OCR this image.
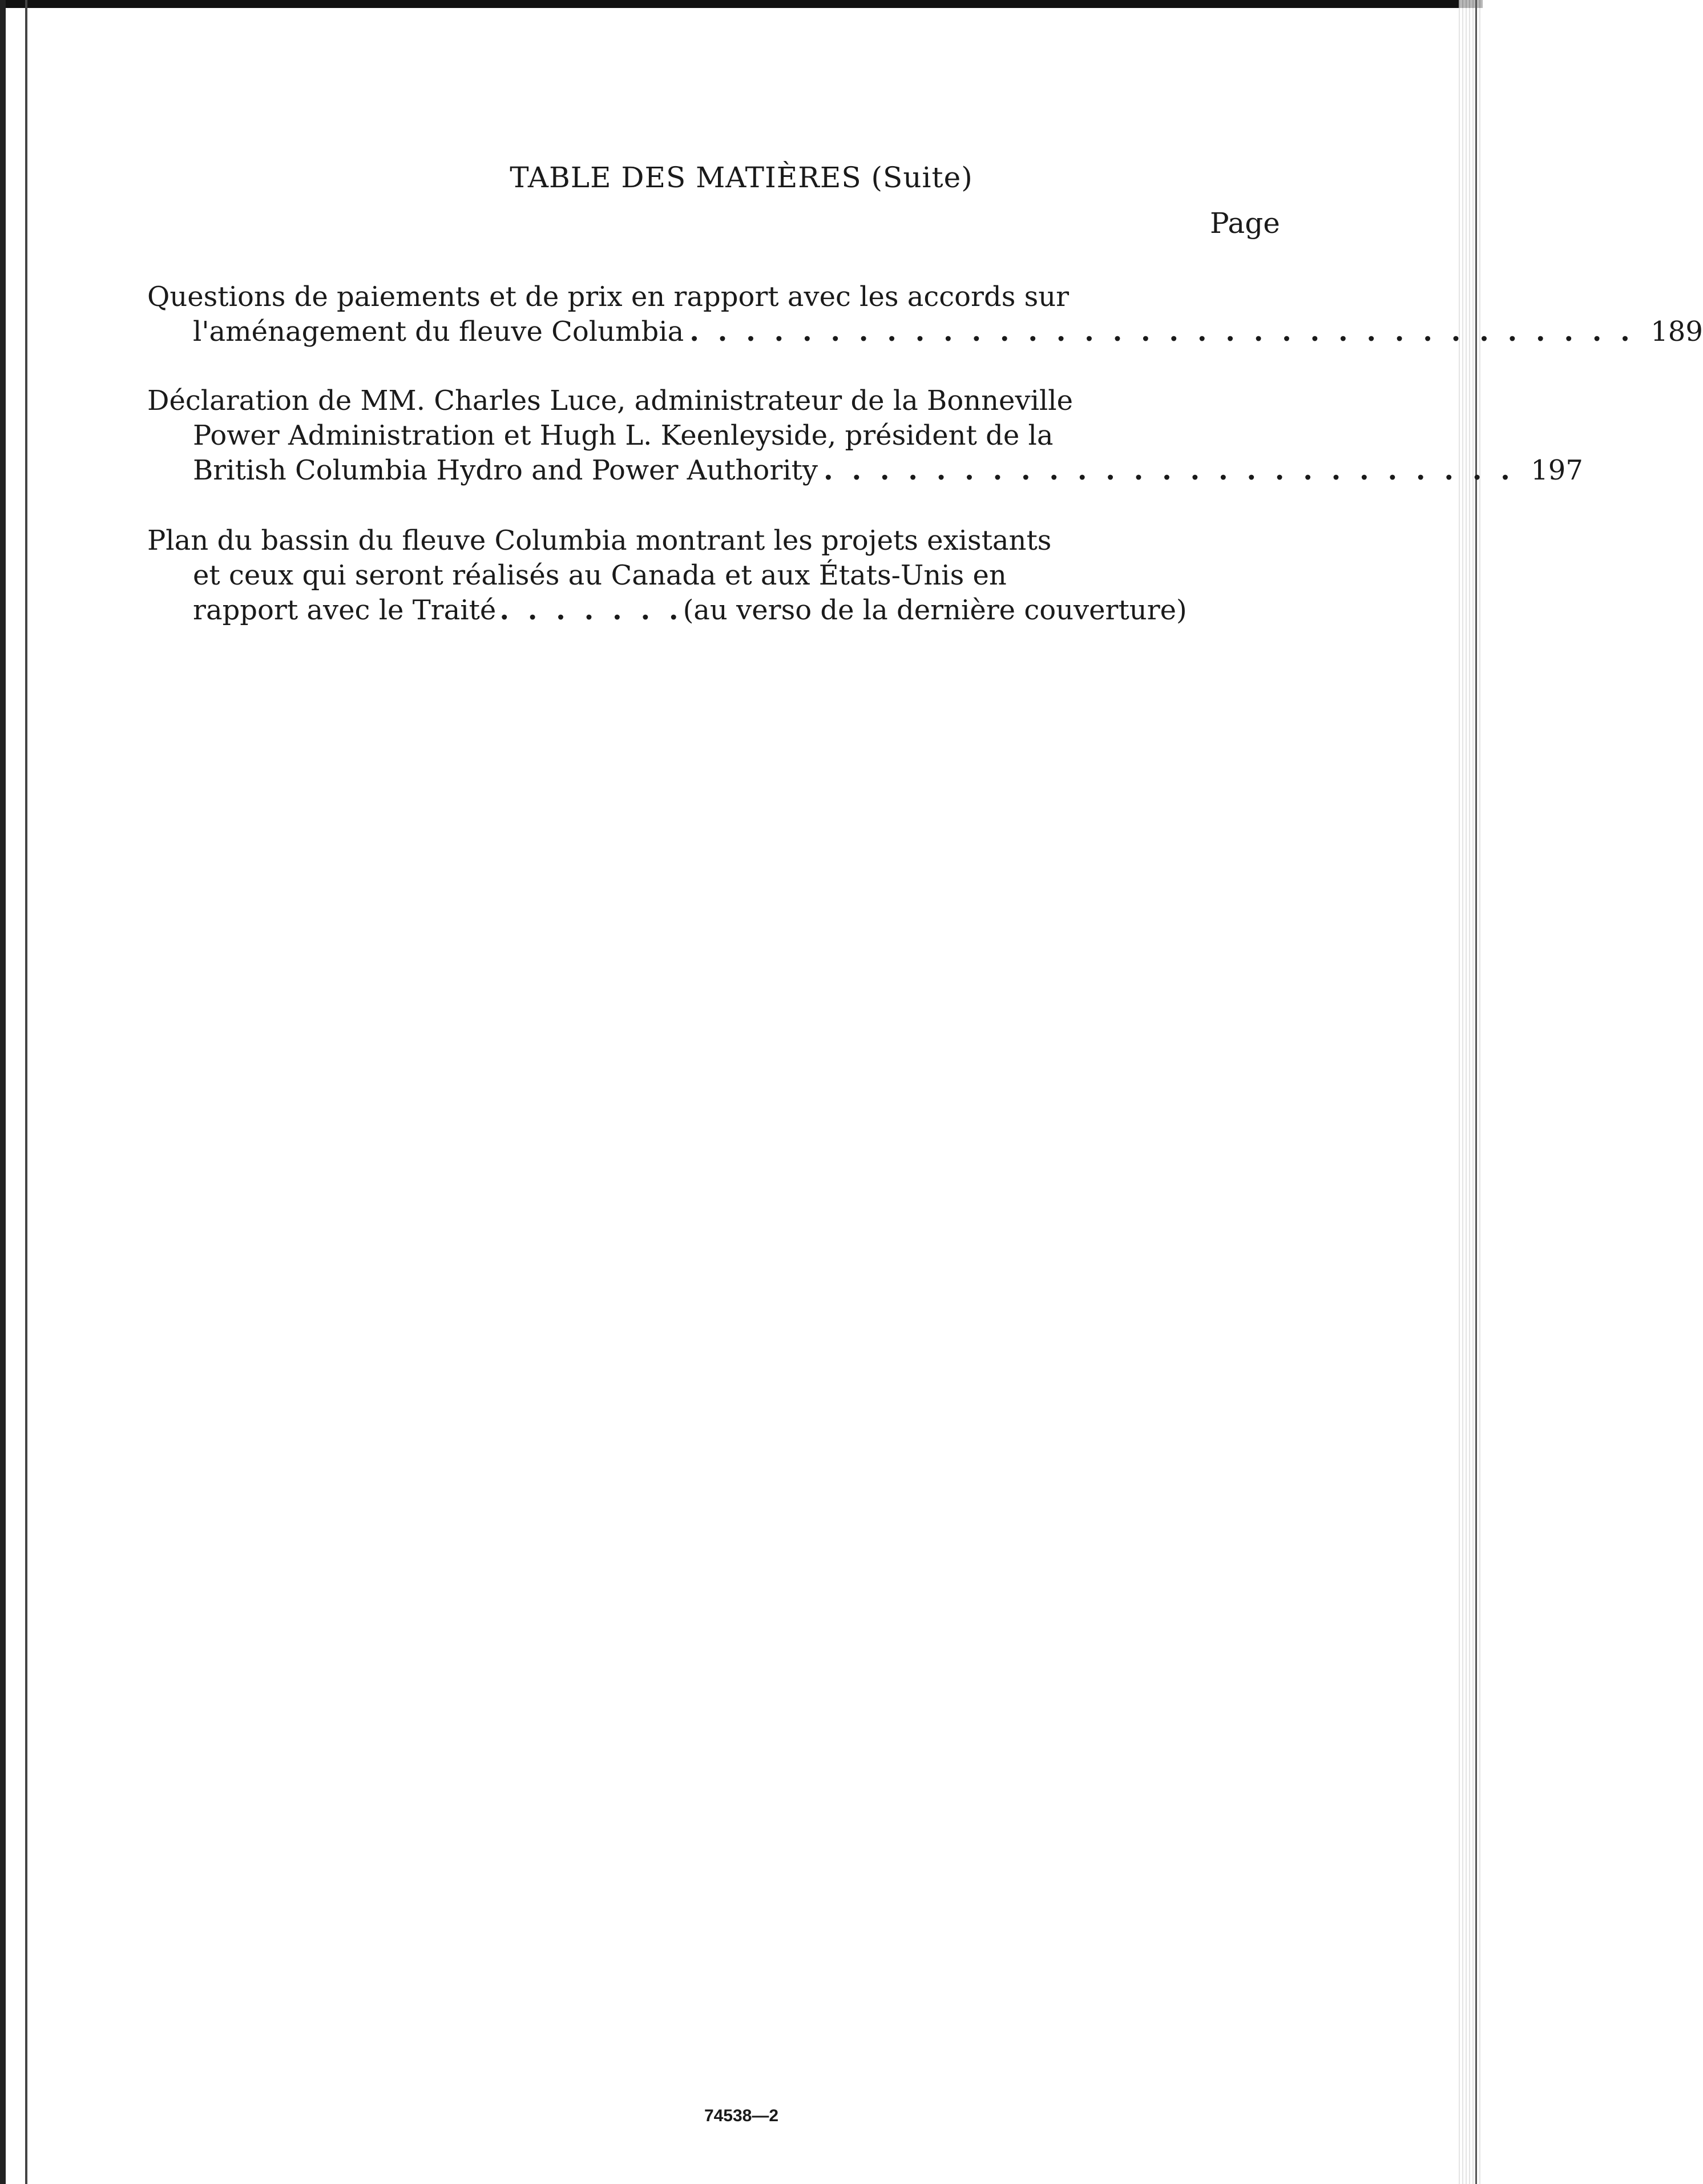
TABLE DES MATIÈRES (Suite)
Page
Questions de paiements et de prix en rapport avec les accords sur
l'aménagement du fleuve Columbia . . . . . . . . . . . . . . . . . . . . . . . . . . . . . . . . . . 189
Déclaration de MM. Charles Luce, administrateur de la Bonneville
Power Administration et Hugh L. Keenleyside, président de la
British Columbia Hydro and Power Authority . . . . . . . . . . . . . . . . . . . . . . . . . 197
Plan du bassin du fleuve Columbia montrant les projets existants
et ceux qui seront réalisés au Canada et aux États-Unis en
rapport avec le Traité . . . . . . . (au verso de la dernière couverture)
74538—2
